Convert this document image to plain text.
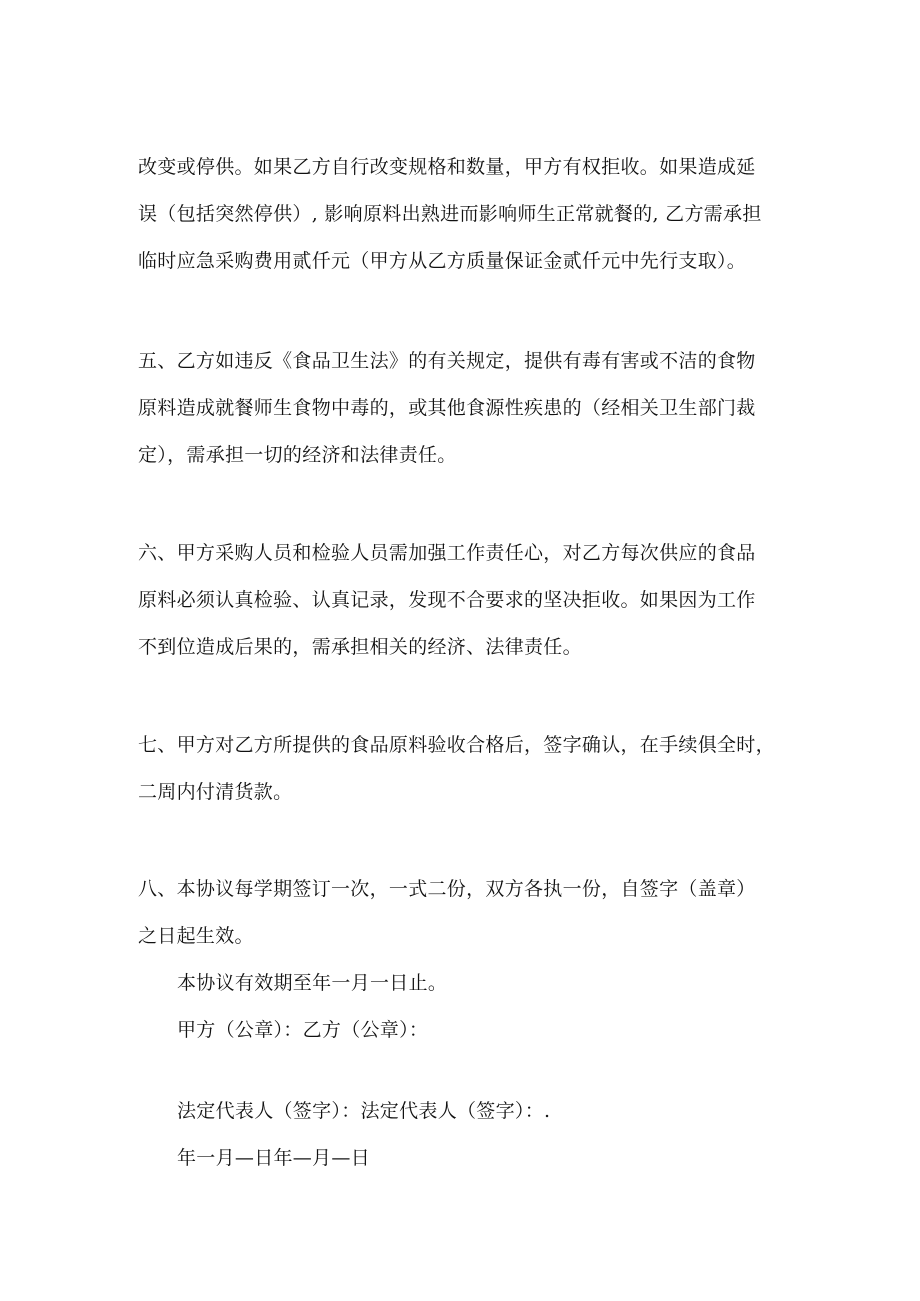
改变或停供。如果乙方自行改变规格和数量，甲方有权拒收。如果造成延
误（包括突然停供）, 影响原料出熟进而影响师生正常就餐的, 乙方需承担
临时应急采购费用贰仟元（甲方从乙方质量保证金贰仟元中先行支取）。
五、乙方如违反《食品卫生法》的有关规定，提供有毒有害或不洁的食物
原料造成就餐师生食物中毒的，或其他食源性疾患的（经相关卫生部门裁
定），需承担一切的经济和法律责任。
六、甲方采购人员和检验人员需加强工作责任心，对乙方每次供应的食品
原料必须认真检验、认真记录，发现不合要求的坚决拒收。如果因为工作
不到位造成后果的，需承担相关的经济、法律责任。
七、甲方对乙方所提供的食品原料验收合格后，签字确认，在手续俱全时，
二周内付清货款。
八、本协议每学期签订一次，一式二份，双方各执一份，自签字（盖章）
之日起生效。
本协议有效期至年一月一日止。
甲方（公章）：乙方（公章）：
法定代表人（签字）：法定代表人（签字）：.
年一月—日年—月—日
